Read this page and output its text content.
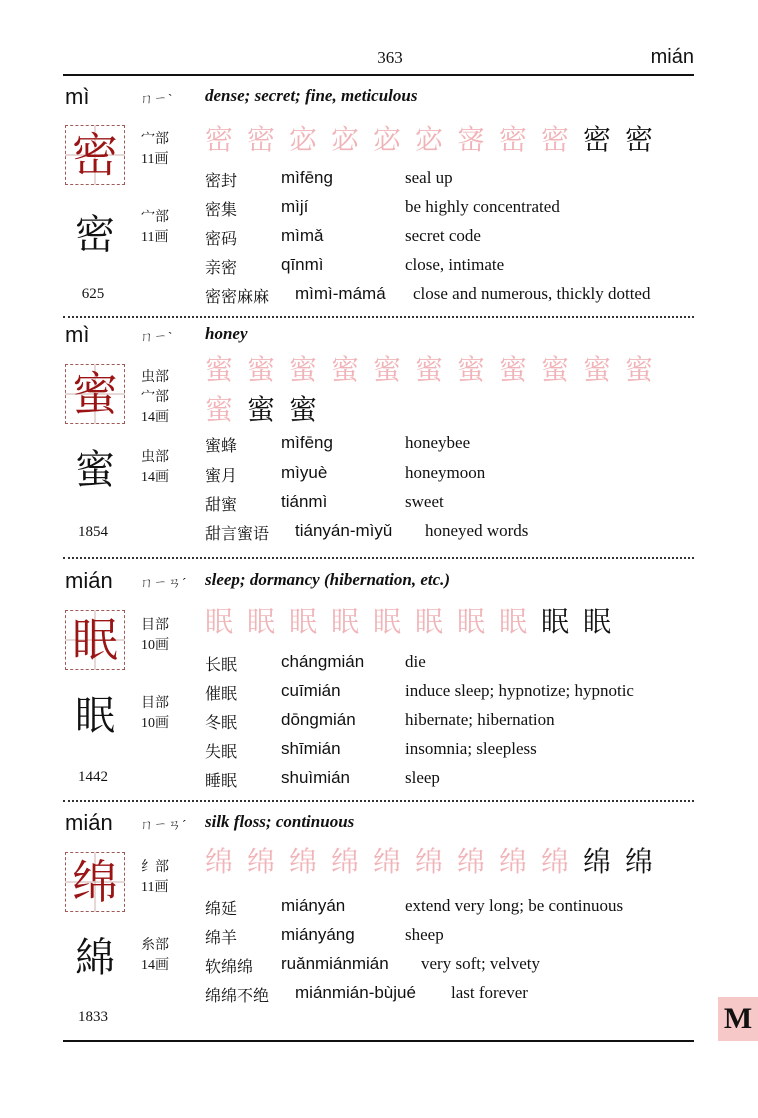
363	mián
mì	ㄇㄧˋ dense; secret; fine, meticulous
密 宀部
11画
密	宀部
11画
625
密 密 宓 宓 宓 宓 宻 密 密 密 密
密封	mìfēng	seal up
密集	mìjí	be highly concentrated
密码	mìmǎ	secret code
亲密	qīnmì	close, intimate
密密麻麻 mìmì-mámá close and numerous, thickly dotted
mì	ㄇㄧˋ honey
蜜 虫部
宀部
14画
蜜	虫部
14画
1854
蜜 蜜 蜜 蜜 蜜 蜜 蜜 蜜 蜜 蜜 蜜
蜜 蜜 蜜
蜜蜂	mìfēng	honeybee
蜜月	mìyuè	honeymoon
甜蜜	tiánmì	sweet
甜言蜜语 tiányán-mìyǔ honeyed words
mián ㄇㄧㄢˊ sleep; dormancy (hibernation, etc.)
眠 目部
10画
眠	目部
10画
1442
眠 眠 眠 眠 眠 眠 眠 眠 眠 眠
长眠	chángmián die
催眠	cuīmián	induce sleep; hypnotize; hypnotic
冬眠	dōngmián	hibernate; hibernation
失眠	shīmián	insomnia; sleepless
睡眠	shuìmián	sleep
mián ㄇㄧㄢˊ silk floss; continuous
绵 纟部
11画
綿	糸部
14画
1833
绵 绵 绵 绵 绵 绵 绵 绵 绵 绵 绵
绵延	miányán	extend very long; be continuous
绵羊	miányáng	sheep
软绵绵 ruǎnmiánmián very soft; velvety
绵绵不绝 miánmián-bùjué last forever
M
